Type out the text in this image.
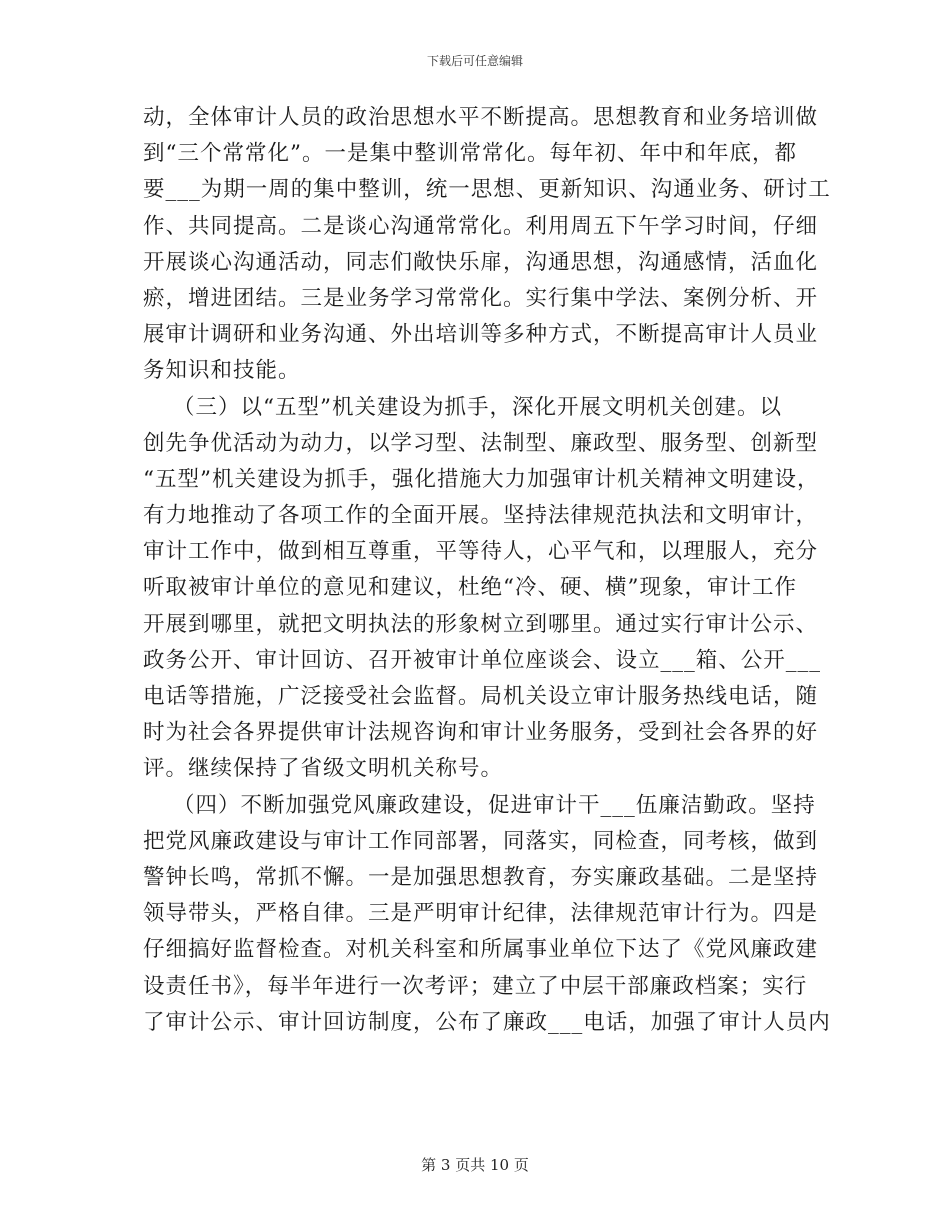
下载后可任意编辑
动，全体审计人员的政治思想水平不断提高。思想教育和业务培训做
到“三个常常化”。一是集中整训常常化。每年初、年中和年底，都
要___为期一周的集中整训，统一思想、更新知识、沟通业务、研讨工
作、共同提高。二是谈心沟通常常化。利用周五下午学习时间，仔细
开展谈心沟通活动，同志们敞快乐扉，沟通思想，沟通感情，活血化
瘀，增进团结。三是业务学习常常化。实行集中学法、案例分析、开
展审计调研和业务沟通、外出培训等多种方式，不断提高审计人员业
务知识和技能。
（三）以“五型”机关建设为抓手，深化开展文明机关创建。以
创先争优活动为动力，以学习型、法制型、廉政型、服务型、创新型
“五型”机关建设为抓手，强化措施大力加强审计机关精神文明建设，
有力地推动了各项工作的全面开展。坚持法律规范执法和文明审计，
审计工作中，做到相互尊重，平等待人，心平气和，以理服人，充分
听取被审计单位的意见和建议，杜绝“冷、硬、横”现象，审计工作
开展到哪里，就把文明执法的形象树立到哪里。通过实行审计公示、
政务公开、审计回访、召开被审计单位座谈会、设立___箱、公开___
电话等措施，广泛接受社会监督。局机关设立审计服务热线电话，随
时为社会各界提供审计法规咨询和审计业务服务，受到社会各界的好
评。继续保持了省级文明机关称号。
（四）不断加强党风廉政建设，促进审计干___伍廉洁勤政。坚持
把党风廉政建设与审计工作同部署，同落实，同检查，同考核，做到
警钟长鸣，常抓不懈。一是加强思想教育，夯实廉政基础。二是坚持
领导带头，严格自律。三是严明审计纪律，法律规范审计行为。四是
仔细搞好监督检查。对机关科室和所属事业单位下达了《党风廉政建
设责任书》，每半年进行一次考评；建立了中层干部廉政档案；实行
了审计公示、审计回访制度，公布了廉政___电话，加强了审计人员内
第 3 页共 10 页
